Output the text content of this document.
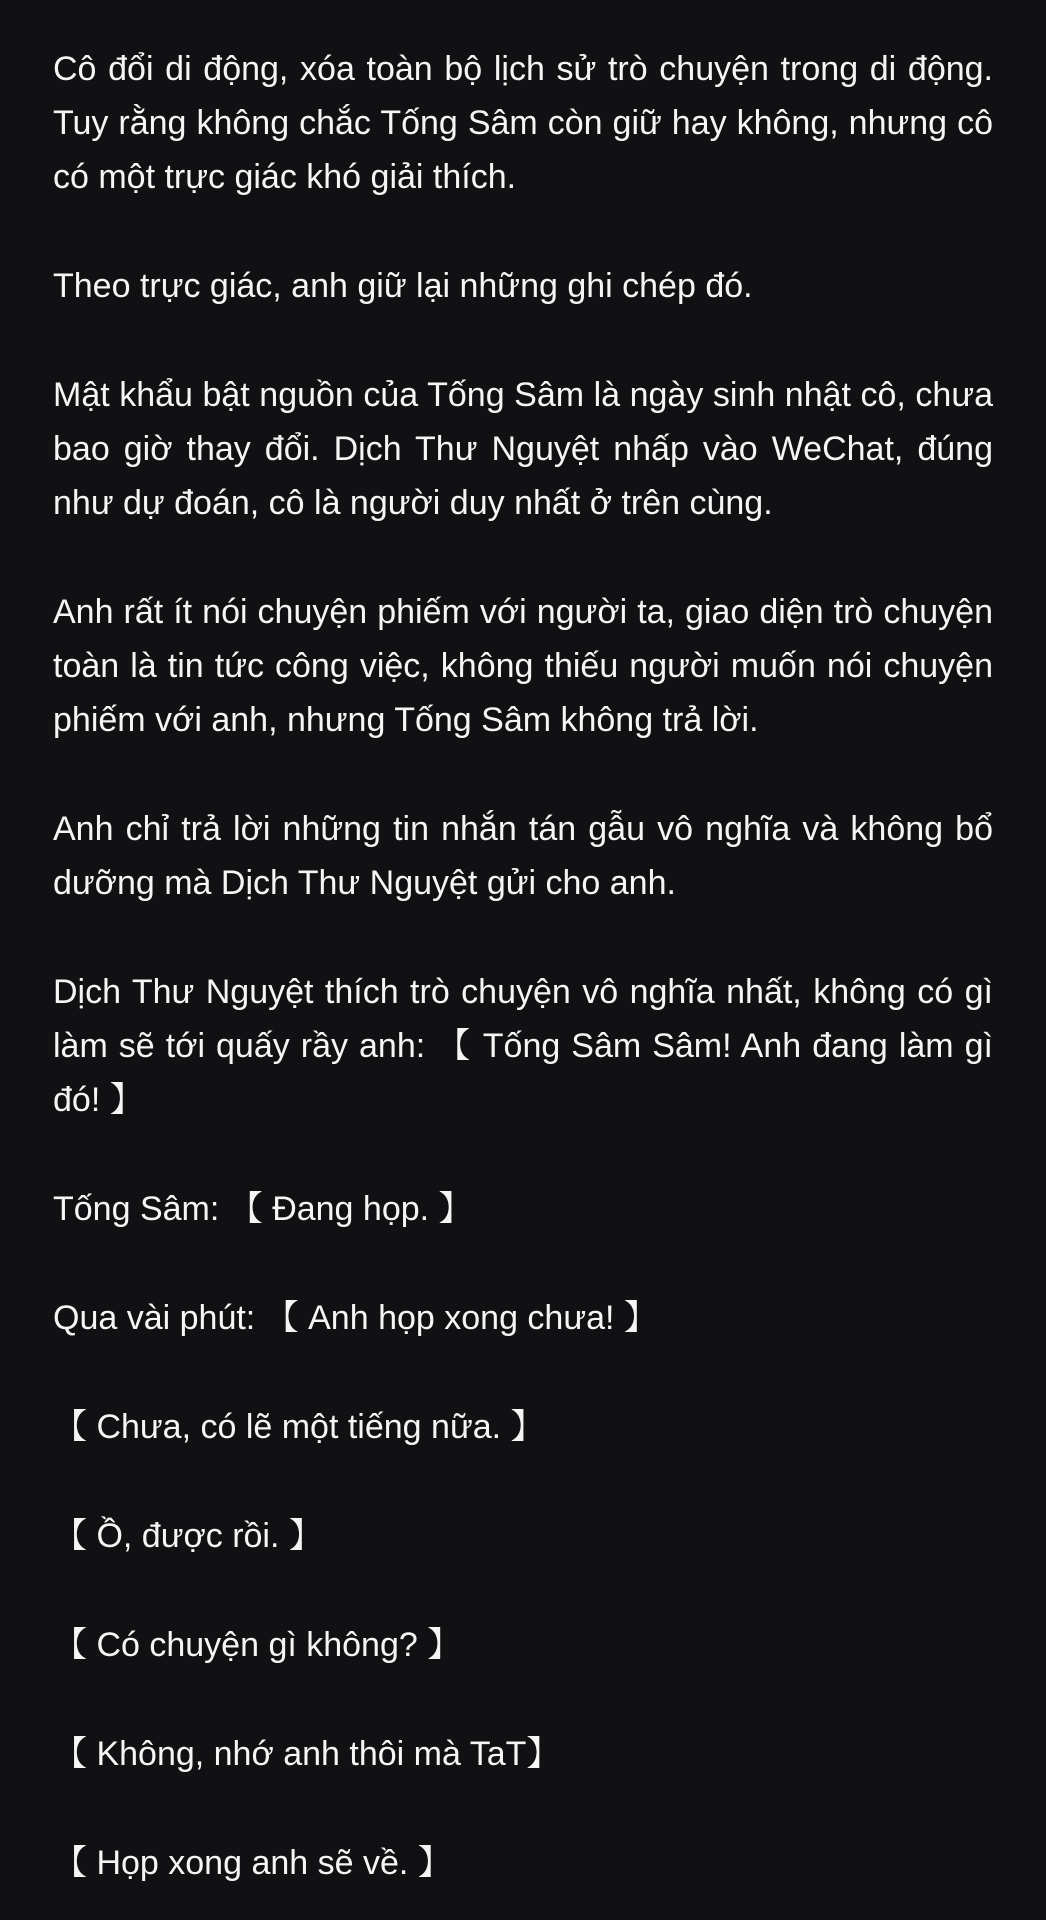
Cô đổi di động, xóa toàn bộ lịch sử trò chuyện trong di động. Tuy rằng không chắc Tống Sâm còn giữ hay không, nhưng cô có một trực giác khó giải thích.

Theo trực giác, anh giữ lại những ghi chép đó.

Mật khẩu bật nguồn của Tống Sâm là ngày sinh nhật cô, chưa bao giờ thay đổi. Dịch Thư Nguyệt nhấp vào WeChat, đúng như dự đoán, cô là người duy nhất ở trên cùng.

Anh rất ít nói chuyện phiếm với người ta, giao diện trò chuyện toàn là tin tức công việc, không thiếu người muốn nói chuyện phiếm với anh, nhưng Tống Sâm không trả lời.

Anh chỉ trả lời những tin nhắn tán gẫu vô nghĩa và không bổ dưỡng mà Dịch Thư Nguyệt gửi cho anh.

Dịch Thư Nguyệt thích trò chuyện vô nghĩa nhất, không có gì làm sẽ tới quấy rầy anh: 【 Tống Sâm Sâm! Anh đang làm gì đó! 】

Tống Sâm: 【 Đang họp. 】

Qua vài phút: 【 Anh họp xong chưa! 】

【 Chưa, có lẽ một tiếng nữa. 】

【 Ồ, được rồi. 】

【 Có chuyện gì không? 】

【 Không, nhớ anh thôi mà TaT】

【 Họp xong anh sẽ về. 】
